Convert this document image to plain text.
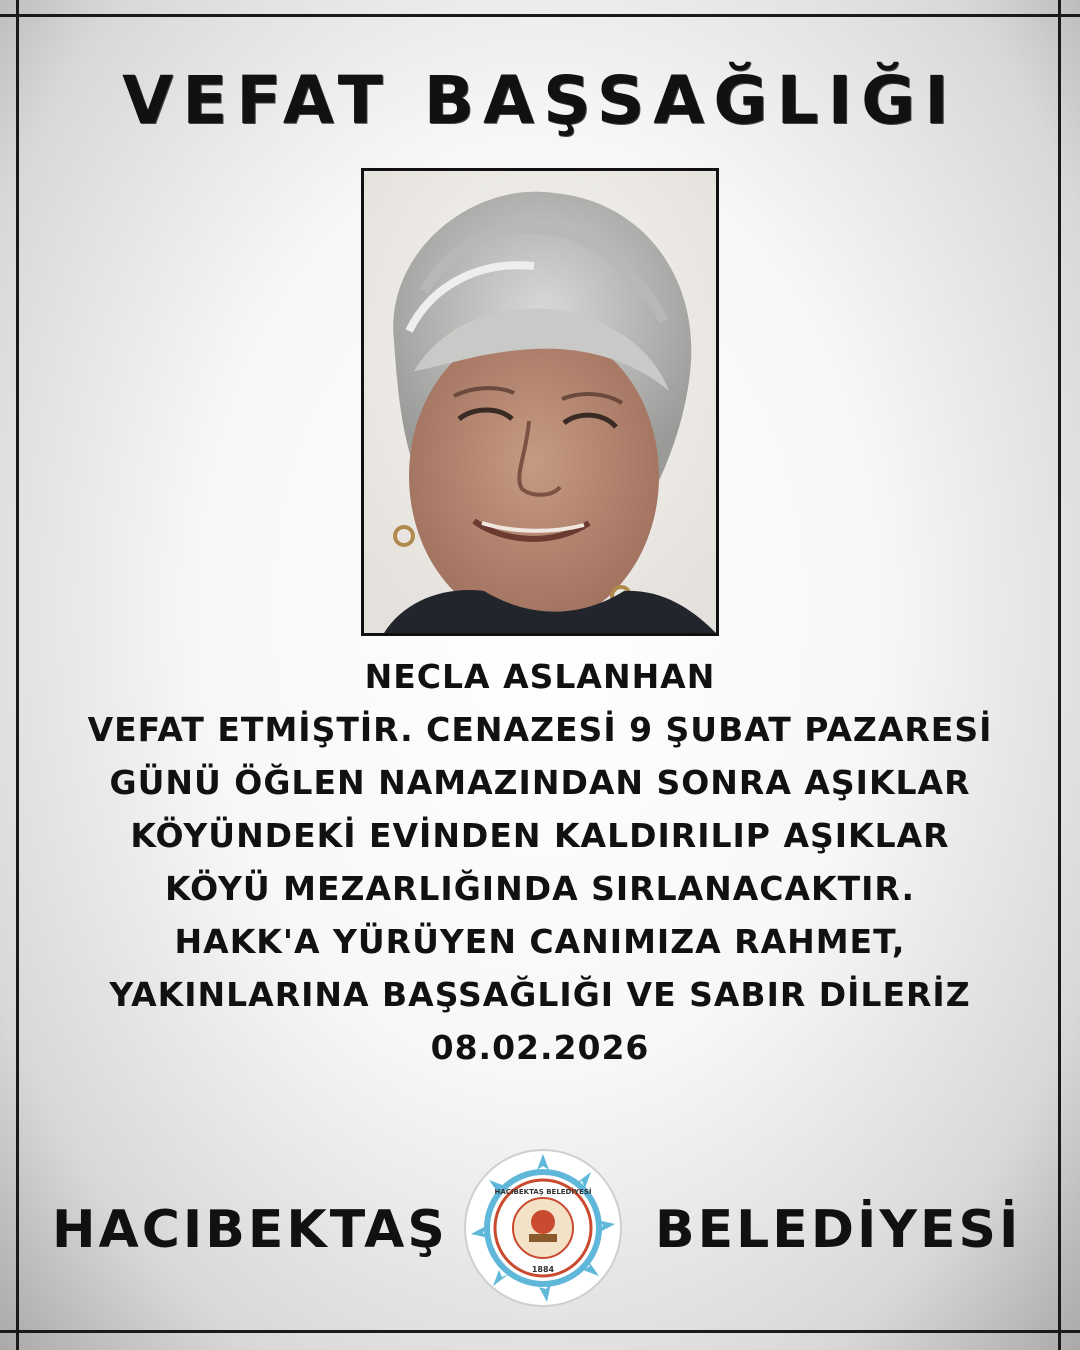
VEFAT BAŞSAĞLIĞI
NECLA ASLANHAN
VEFAT ETMİŞTİR. CENAZESİ 9 ŞUBAT PAZARESİ
GÜNÜ ÖĞLEN NAMAZINDAN SONRA AŞIKLAR
KÖYÜNDEKİ EVİNDEN KALDIRILIP AŞIKLAR
KÖYÜ MEZARLIĞINDA SIRLANACAKTIR.
HAKK'A YÜRÜYEN CANIMIZA RAHMET,
YAKINLARINA BAŞSAĞLIĞI VE SABIR DİLERİZ
08.02.2026
HACIBEKTAŞ	BELEDİYESİ
HACIBEKTAŞ BELEDİYESİ
1884
